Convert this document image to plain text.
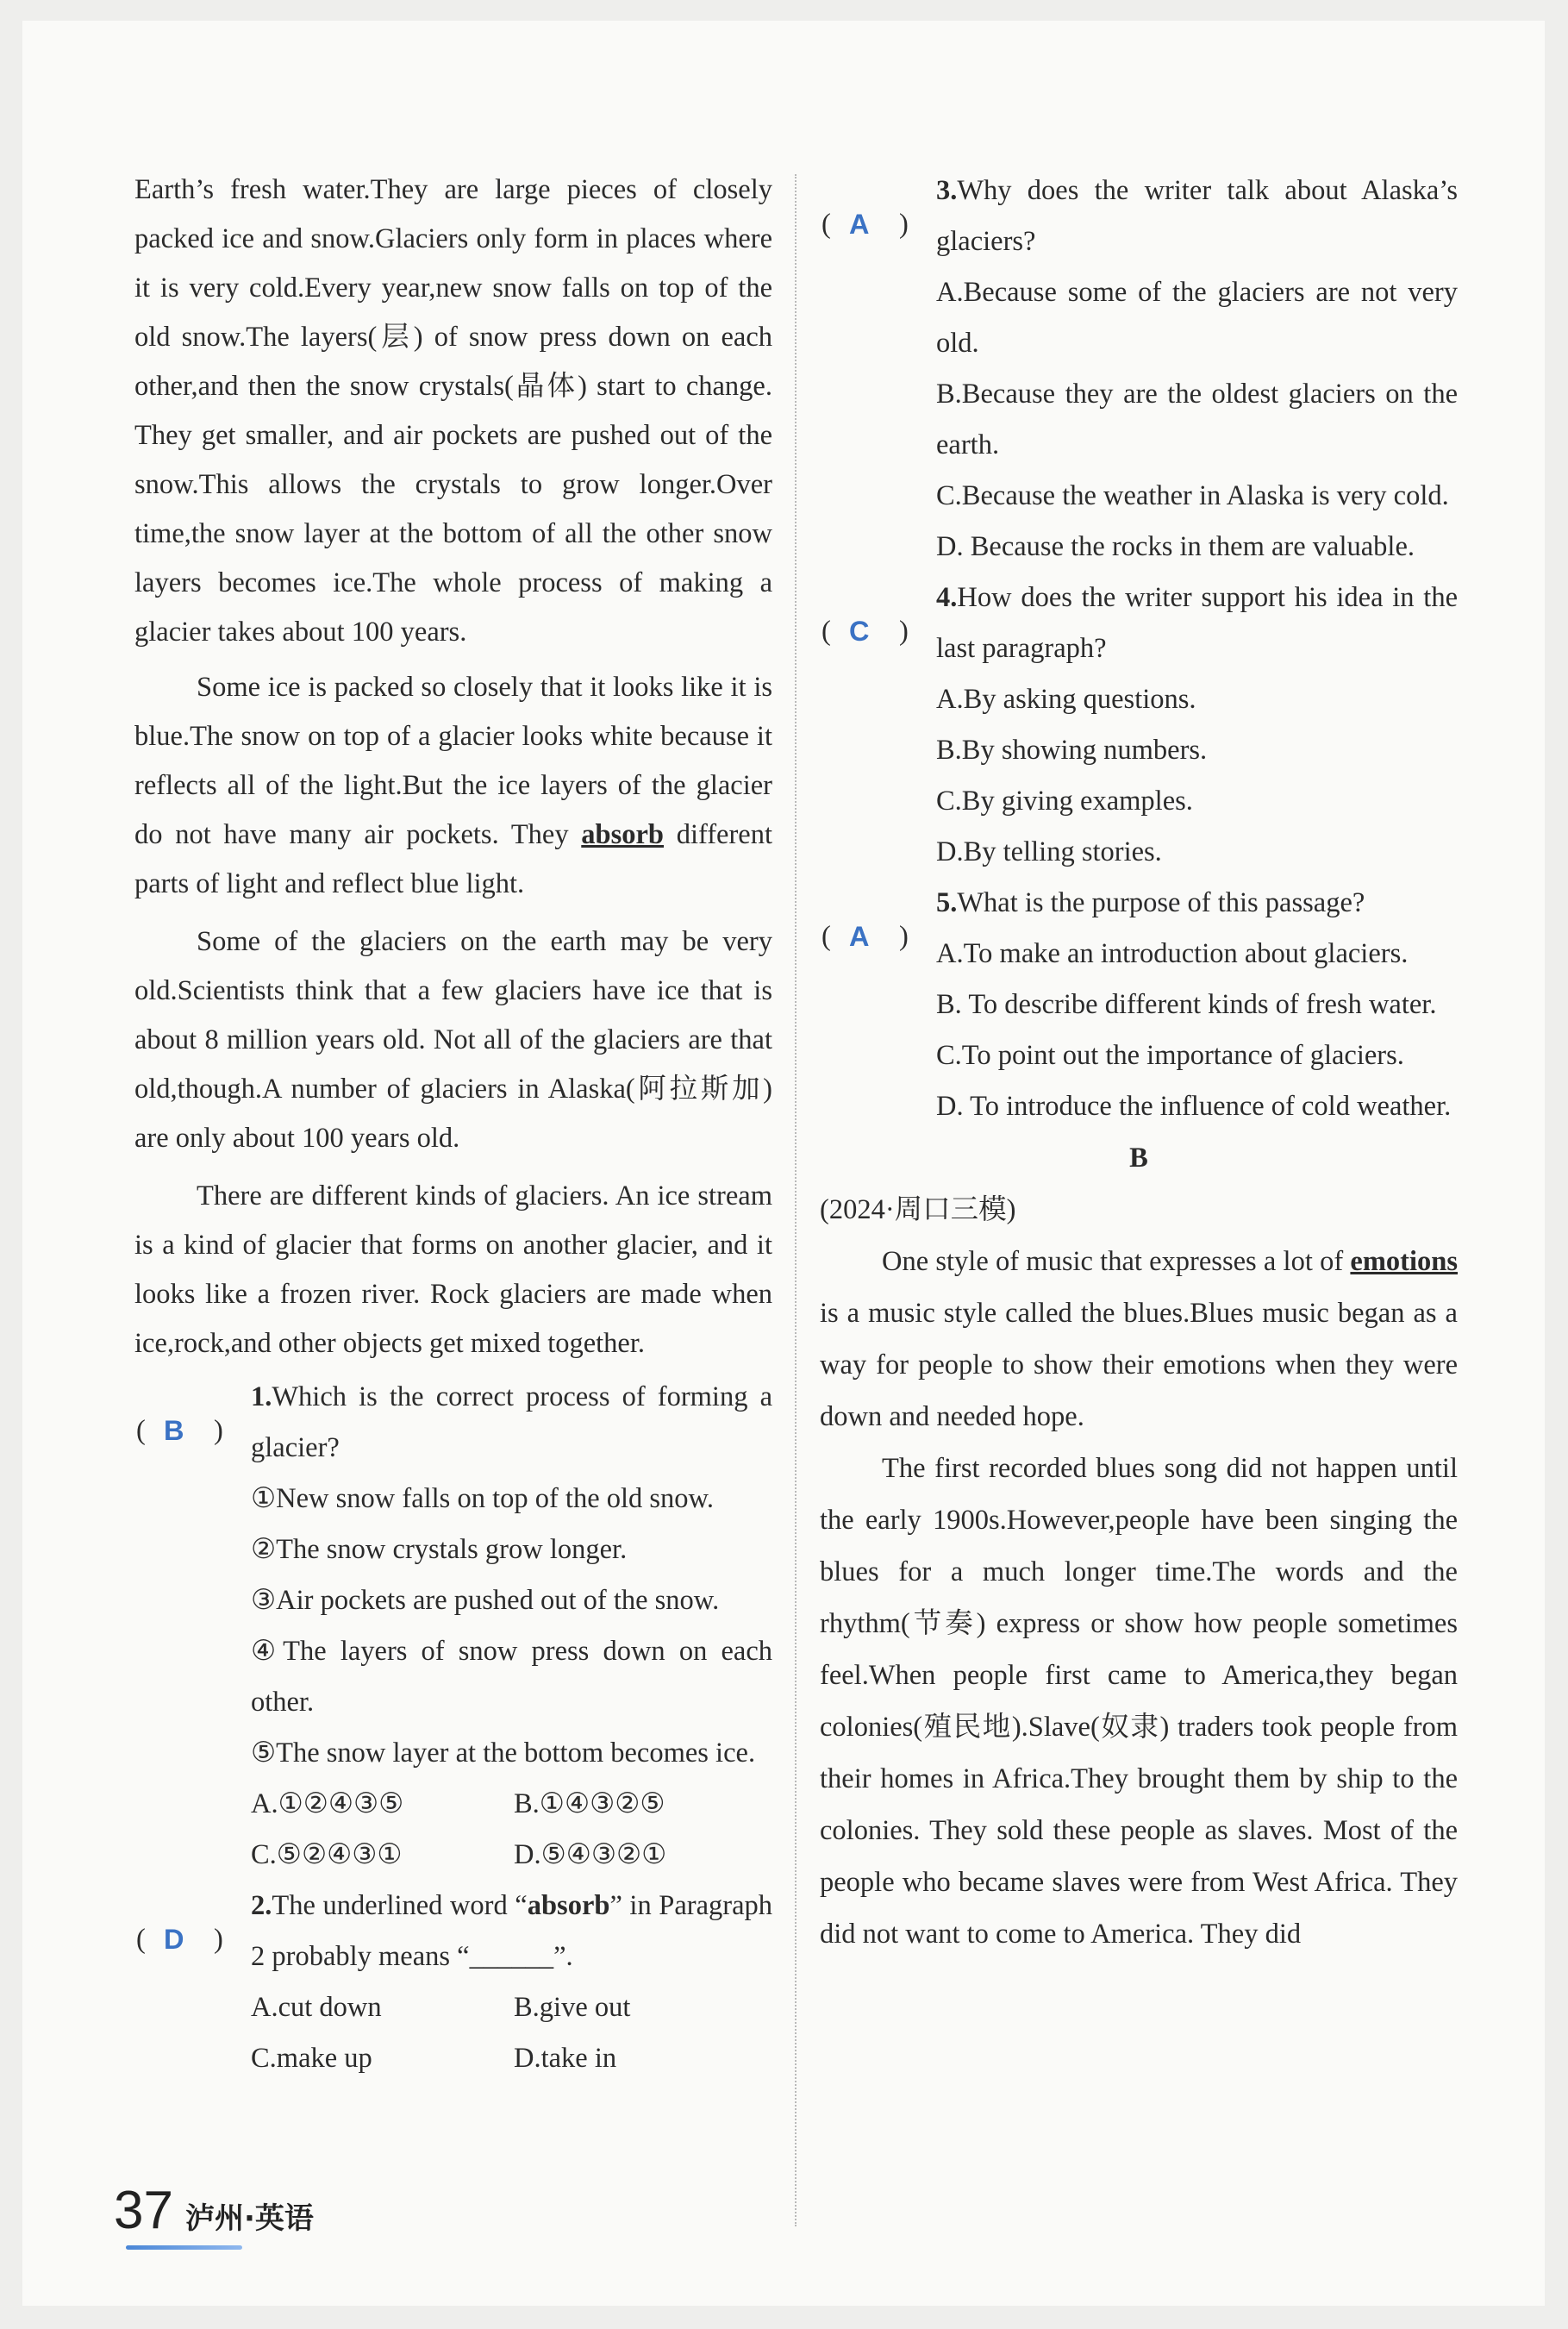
Earth’s fresh water.They are large pieces of closely packed ice and snow.Glaciers only form in places where it is very cold.Every year,new snow falls on top of the old snow.The layers(层) of snow press down on each other,and then the snow crystals(晶体) start to change. They get smaller, and air pockets are pushed out of the snow.This allows the crystals to grow longer.Over time,the snow layer at the bottom of all the other snow layers becomes ice.The whole process of making a glacier takes about 100 years.

Some ice is packed so closely that it looks like it is blue.The snow on top of a glacier looks white because it reflects all of the light.But the ice layers of the glacier do not have many air pockets. They absorb different parts of light and reflect blue light.

Some of the glaciers on the earth may be very old.Scientists think that a few glaciers have ice that is about 8 million years old. Not all of the glaciers are that old,though.A number of glaciers in Alaska(阿拉斯加) are only about 100 years old.

There are different kinds of glaciers. An ice stream is a kind of glacier that forms on another glacier, and it looks like a frozen river. Rock glaciers are made when ice,rock,and other objects get mixed together.

( B )
1.Which is the correct process of forming a glacier?
①New snow falls on top of the old snow.
②The snow crystals grow longer.
③Air pockets are pushed out of the snow.
④The layers of snow press down on each other.
⑤The snow layer at the bottom becomes ice.
A.①②④③⑤	B.①④③②⑤
C.⑤②④③①	D.⑤④③②①
( D )
2.The underlined word “absorb” in Paragraph 2 probably means “______”.
A.cut down	B.give out
C.make up	D.take in
( A )
3.Why does the writer talk about Alaska’s glaciers?
A.Because some of the glaciers are not very old.
B.Because they are the oldest glaciers on the earth.
C.Because the weather in Alaska is very cold.
D. Because the rocks in them are valuable.
( C )
4.How does the writer support his idea in the last paragraph?
A.By asking questions.
B.By showing numbers.
C.By giving examples.
D.By telling stories.
( A )
5.What is the purpose of this passage?
A.To make an introduction about glaciers.
B. To describe different kinds of fresh water.
C.To point out the importance of glaciers.
D. To introduce the influence of cold weather.
B
(2024·周口三模)

One style of music that expresses a lot of emotions is a music style called the blues.Blues music began as a way for people to show their emotions when they were down and needed hope.

The first recorded blues song did not happen until the early 1900s.However,people have been singing the blues for a much longer time.The words and the rhythm(节奏) express or show how people sometimes feel.When people first came to America,they began colonies(殖民地).Slave(奴隶) traders took people from their homes in Africa.They brought them by ship to the colonies. They sold these people as slaves. Most of the people who became slaves were from West Africa. They did not want to come to America. They did

37 泸州·英语
